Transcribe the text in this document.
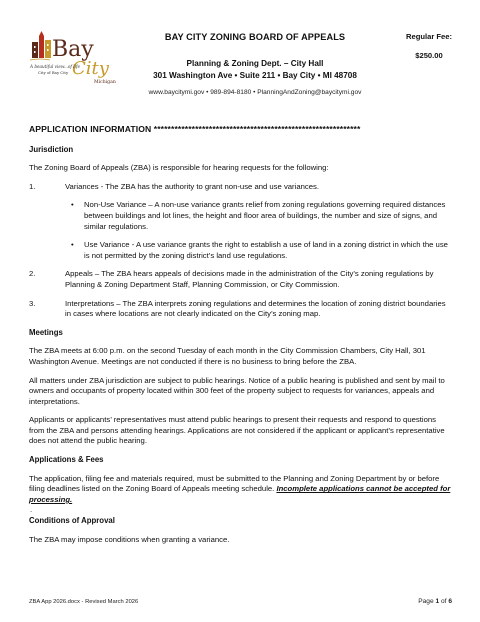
Bay
City
A beautiful view...of life
City of Bay City
Michigan
BAY CITY ZONING BOARD OF APPEALS
Planning & Zoning Dept. – City Hall
301 Washington Ave • Suite 211 • Bay City • MI 48708
www.baycitymi.gov • 989-894-8180 • PlanningAndZoning@baycitymi.gov
Regular Fee:
$250.00
APPLICATION INFORMATION ************************************************************

Jurisdiction

The Zoning Board of Appeals (ZBA) is responsible for hearing requests for the following:

1.	Variances - The ZBA has the authority to grant non-use and use variances.
•	Non-Use Variance – A non-use variance grants relief from zoning regulations governing required distances between buildings and lot lines, the height and floor area of buildings, the number and size of signs, and similar regulations.
•	Use Variance - A use variance grants the right to establish a use of land in a zoning district in which the use is not permitted by the zoning district’s land use regulations.
2.	Appeals – The ZBA hears appeals of decisions made in the administration of the City’s zoning regulations by Planning & Zoning Department Staff, Planning Commission, or City Commission.
3.	Interpretations – The ZBA interprets zoning regulations and determines the location of zoning district boundaries in cases where locations are not clearly indicated on the City’s zoning map.

Meetings

The ZBA meets at 6:00 p.m. on the second Tuesday of each month in the City Commission Chambers, City Hall, 301 Washington Avenue. Meetings are not conducted if there is no business to bring before the ZBA.

All matters under ZBA jurisdiction are subject to public hearings. Notice of a public hearing is published and sent by mail to owners and occupants of property located within 300 feet of the property subject to requests for variances, appeals and interpretations.

Applicants or applicants’ representatives must attend public hearings to present their requests and respond to questions from the ZBA and persons attending hearings. Applications are not considered if the applicant or applicant’s representative does not attend the public hearing.

Applications & Fees

The application, filing fee and materials required, must be submitted to the Planning and Zoning Department by or before filing deadlines listed on the Zoning Board of Appeals meeting schedule. Incomplete applications cannot be accepted for processing.

.

Conditions of Approval

The ZBA may impose conditions when granting a variance.

ZBA App 2026.docx - Revised March 2026	Page 1 of 6
